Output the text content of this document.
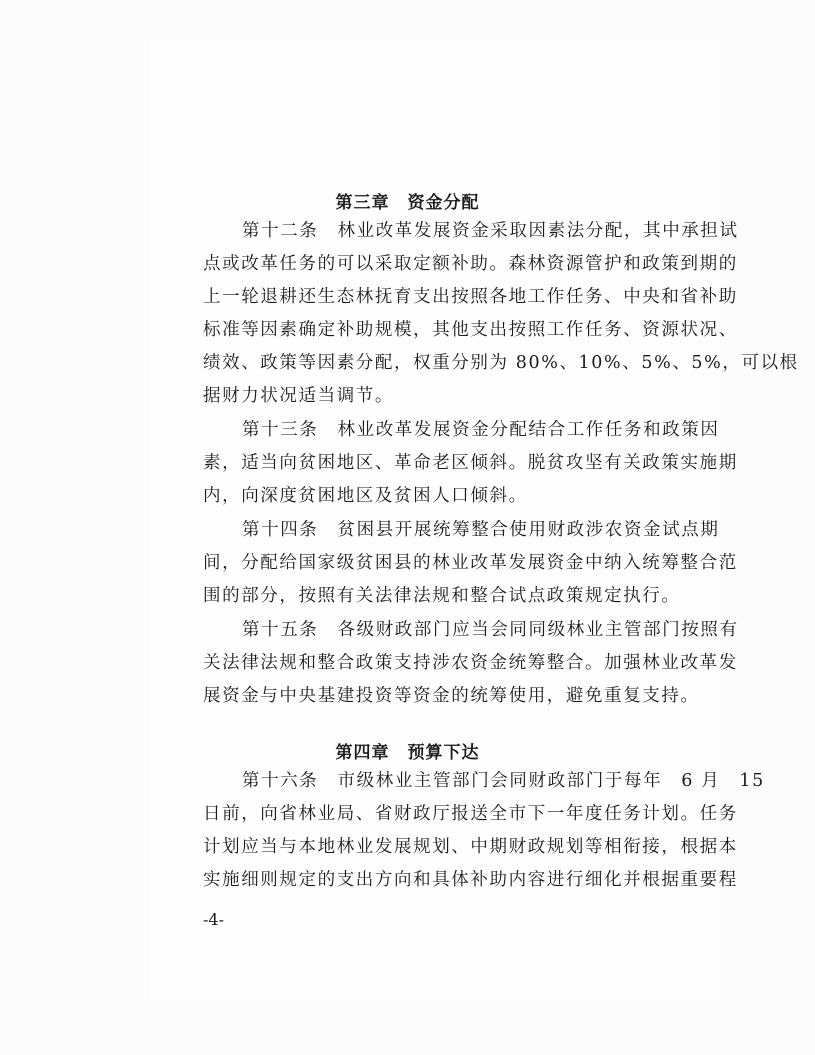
第三章　资金分配
第十二条　林业改革发展资金采取因素法分配，其中承担试
点或改革任务的可以采取定额补助。森林资源管护和政策到期的
上一轮退耕还生态林抚育支出按照各地工作任务、中央和省补助
标准等因素确定补助规模，其他支出按照工作任务、资源状况、
绩效、政策等因素分配，权重分别为 80%、10%、5%、5%，可以根
据财力状况适当调节。
第十三条　林业改革发展资金分配结合工作任务和政策因
素，适当向贫困地区、革命老区倾斜。脱贫攻坚有关政策实施期
内，向深度贫困地区及贫困人口倾斜。
第十四条　贫困县开展统筹整合使用财政涉农资金试点期
间，分配给国家级贫困县的林业改革发展资金中纳入统筹整合范
围的部分，按照有关法律法规和整合试点政策规定执行。
第十五条　各级财政部门应当会同同级林业主管部门按照有
关法律法规和整合政策支持涉农资金统筹整合。加强林业改革发
展资金与中央基建投资等资金的统筹使用，避免重复支持。
第四章　预算下达
第十六条　市级林业主管部门会同财政部门于每年　6 月　15
日前，向省林业局、省财政厅报送全市下一年度任务计划。任务
计划应当与本地林业发展规划、中期财政规划等相衔接，根据本
实施细则规定的支出方向和具体补助内容进行细化并根据重要程
-4-
